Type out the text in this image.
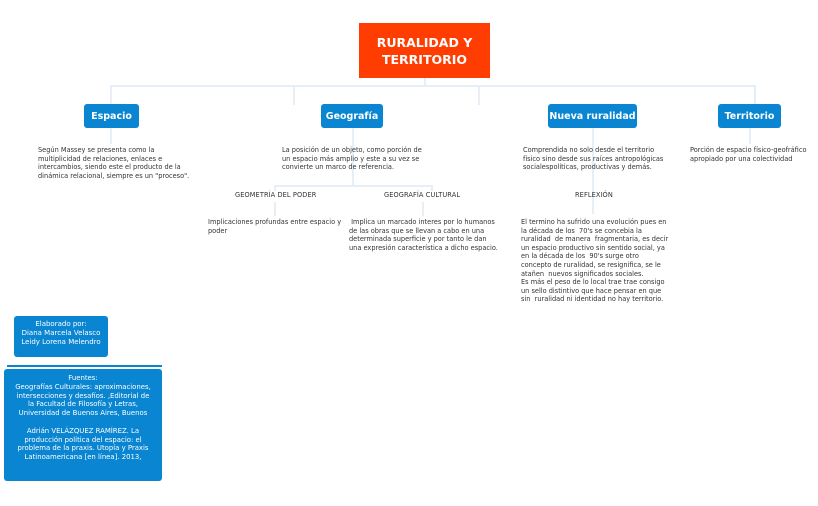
RURALIDAD Y
TERRITORIO
Espacio
Según Massey se presenta como la
multiplicidad de relaciones, enlaces e
intercambios, siendo este el producto de la
dinámica relacional, siempre es un "proceso".
Geografía
La posición de un objeto, como porción de
un espacio más amplio y este a su vez se
convierte un marco de referencia.
GEOMETRÍA DEL PODER
Implicaciones profundas entre espacio y
poder
GEOGRAFÍA CULTURAL
Implica un marcado interes por lo humanos
de las obras que se llevan a cabo en una
determinada superficie y por tanto le dan
una expresión característica a dicho espacio.
Nueva ruralidad
Comprendida no solo desde el territorio
físico sino desde sus raíces antropológicas
socialespolíticas, productivas y demás.
REFLEXIÓN
El termino ha sufrido una evolución pues en
la década de los  70's se concebia la
ruralidad  de manera  fragmentaria, es decir
un espacio productivo sin sentido social, ya
en la década de los  90's surge otro
concepto de ruralidad, se resignifica, se le
atañen  nuevos significados sociales.
Es más el peso de lo local trae trae consigo
un sello distintivo que hace pensar en que
sin  ruralidad ni identidad no hay territorio.
Territorio
Porción de espacio físico-geofráfico
apropiado por una colectividad
Elaborado por:
Diana Marcela Velasco
Leidy Lorena Melendro
Fuentes:
Geografías Culturales: aproximaciones,
intersecciones y desafíos. ,Editorial de
la Facultad de Filosofía y Letras,
Universidad de Buenos Aires, Buenos
Adrián VELÁZQUEZ RAMÍREZ. La
producción política del espacio: el
problema de la praxis. Utopía y Praxis
Latinoamericana [en línea]. 2013,
